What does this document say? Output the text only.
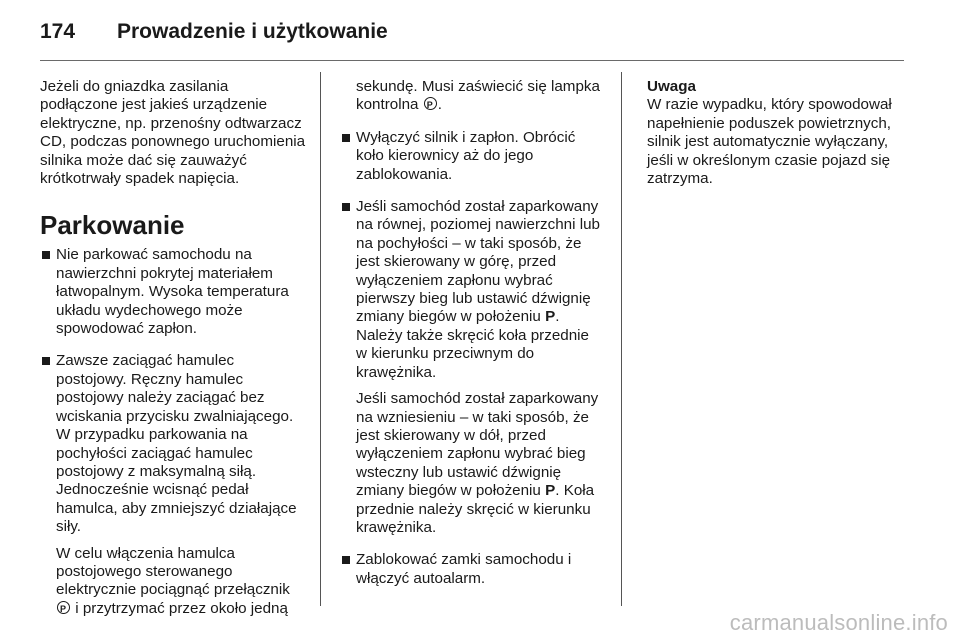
174	Prowadzenie i użytkowanie

Jeżeli do gniazdka zasilania podłączone jest jakieś urządzenie elektryczne, np. przenośny odtwarzacz CD, podczas ponownego uruchomienia silnika może dać się zauważyć krótkotrwały spadek napięcia.

Parkowanie

Nie parkować samochodu na nawierzchni pokrytej materiałem łatwopalnym. Wysoka temperatura układu wydechowego może spowodować zapłon.

Zawsze zaciągać hamulec postojowy. Ręczny hamulec postojowy należy zaciągać bez wciskania przycisku zwalniającego. W przypadku parkowania na pochyłości zaciągać hamulec postojowy z maksymalną siłą. Jednocześnie wcisnąć pedał hamulca, aby zmniejszyć działające siły.

W celu włączenia hamulca postojowego sterowanego elektrycznie pociągnąć przełącznik P i przytrzymać przez około jedną

sekundę. Musi zaświecić się lampka kontrolna P .

Wyłączyć silnik i zapłon. Obrócić koło kierownicy aż do jego zablokowania.

Jeśli samochód został zaparkowany na równej, poziomej nawierzchni lub na pochyłości – w taki sposób, że jest skierowany w górę, przed wyłączeniem zapłonu wybrać pierwszy bieg lub ustawić dźwignię zmiany biegów w położeniu P. Należy także skręcić koła przednie w kierunku przeciwnym do krawężnika.

Jeśli samochód został zaparkowany na wzniesieniu – w taki sposób, że jest skierowany w dół, przed wyłączeniem zapłonu wybrać bieg wsteczny lub ustawić dźwignię zmiany biegów w położeniu P. Koła przednie należy skręcić w kierunku krawężnika.

Zablokować zamki samochodu i włączyć autoalarm.

Uwaga

W razie wypadku, który spowodował napełnienie poduszek powietrznych, silnik jest automatycznie wyłączany, jeśli w określonym czasie pojazd się zatrzyma.

carmanualsonline.info
